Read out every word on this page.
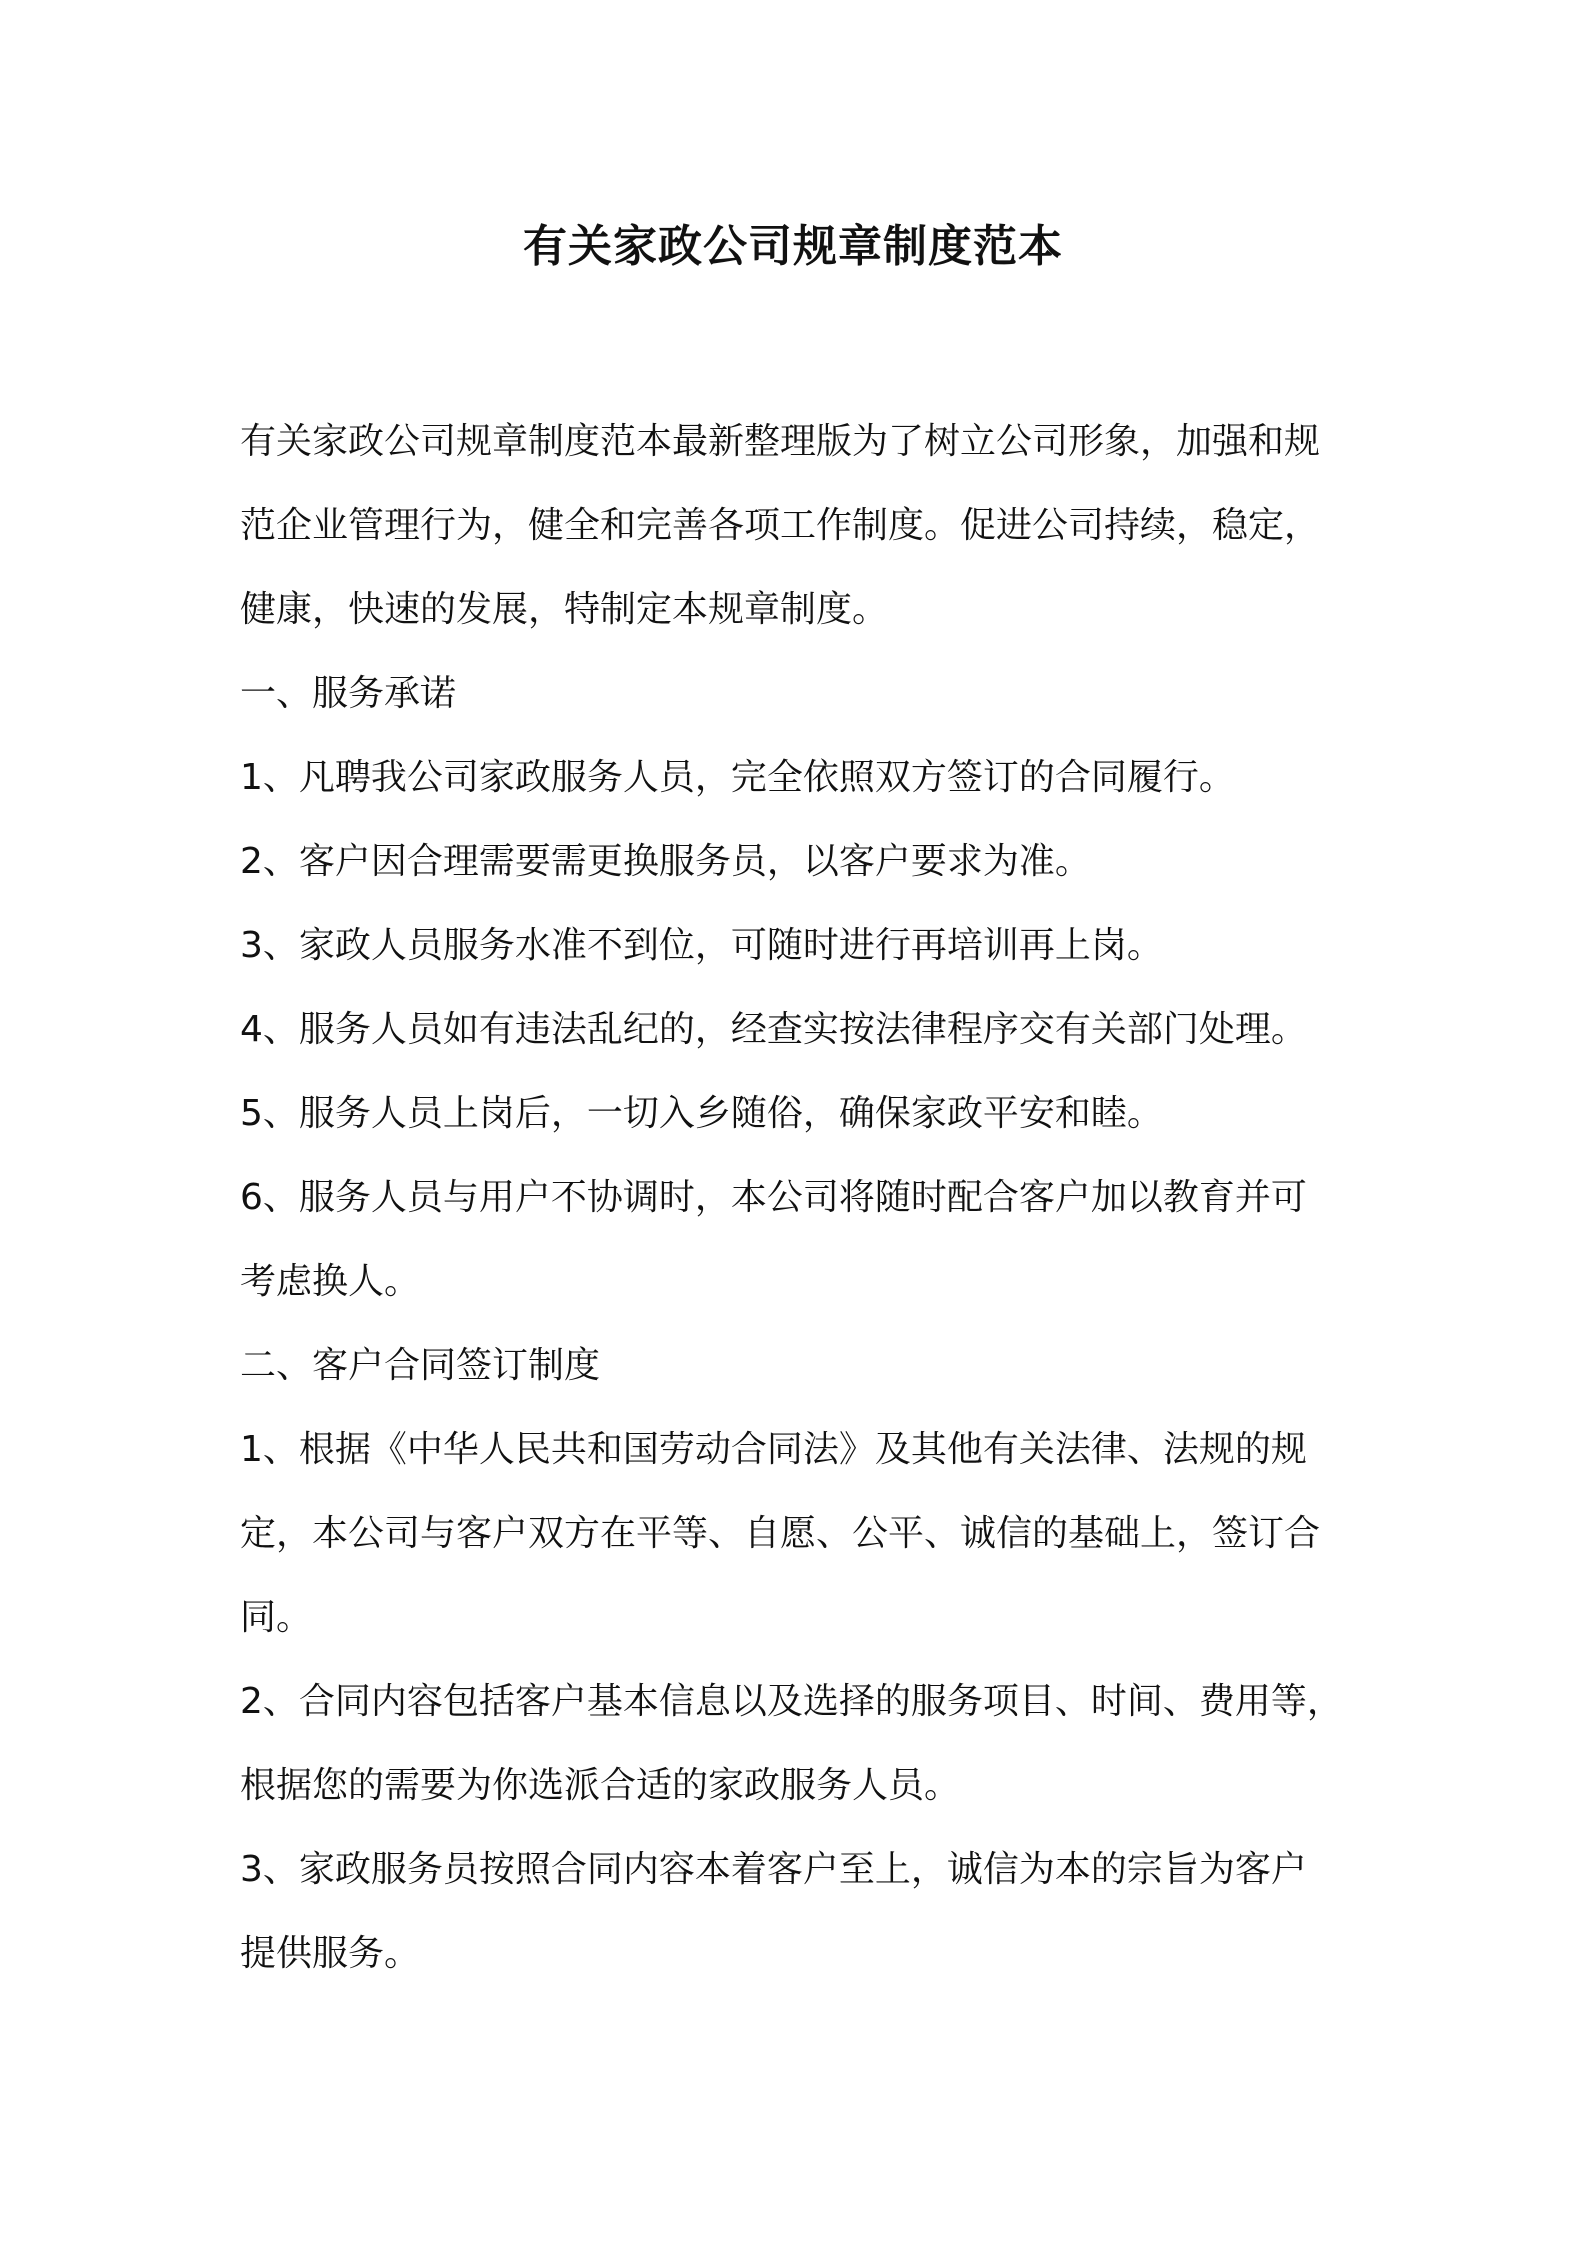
有关家政公司规章制度范本
有关家政公司规章制度范本最新整理版为了树立公司形象，加强和规
范企业管理行为，健全和完善各项工作制度。促进公司持续，稳定，
健康，快速的发展，特制定本规章制度。
一、服务承诺
1、凡聘我公司家政服务人员，完全依照双方签订的合同履行。
2、客户因合理需要需更换服务员，以客户要求为准。
3、家政人员服务水准不到位，可随时进行再培训再上岗。
4、服务人员如有违法乱纪的，经查实按法律程序交有关部门处理。
5、服务人员上岗后，一切入乡随俗，确保家政平安和睦。
6、服务人员与用户不协调时，本公司将随时配合客户加以教育并可
考虑换人。
二、客户合同签订制度
1、根据《中华人民共和国劳动合同法》及其他有关法律、法规的规
定，本公司与客户双方在平等、自愿、公平、诚信的基础上，签订合
同。
2、合同内容包括客户基本信息以及选择的服务项目、时间、费用等，
根据您的需要为你选派合适的家政服务人员。
3、家政服务员按照合同内容本着客户至上，诚信为本的宗旨为客户
提供服务。
